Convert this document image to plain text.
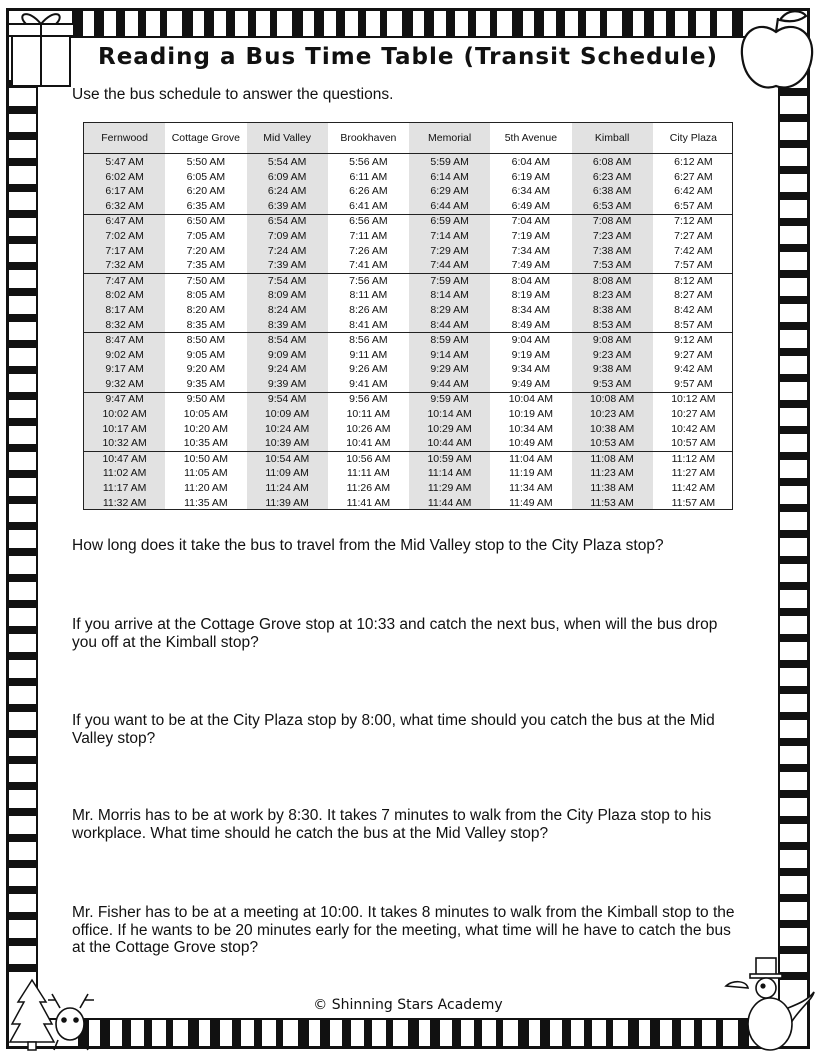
Reading a Bus Time Table (Transit Schedule)
Use the bus schedule to answer the questions.
Fernwood	Cottage Grove	Mid Valley	Brookhaven	Memorial	5th Avenue	Kimball	City Plaza
5:47 AM	5:50 AM	5:54 AM	5:56 AM	5:59 AM	6:04 AM	6:08 AM	6:12 AM
6:02 AM	6:05 AM	6:09 AM	6:11 AM	6:14 AM	6:19 AM	6:23 AM	6:27 AM
6:17 AM	6:20 AM	6:24 AM	6:26 AM	6:29 AM	6:34 AM	6:38 AM	6:42 AM
6:32 AM	6:35 AM	6:39 AM	6:41 AM	6:44 AM	6:49 AM	6:53 AM	6:57 AM
6:47 AM	6:50 AM	6:54 AM	6:56 AM	6:59 AM	7:04 AM	7:08 AM	7:12 AM
7:02 AM	7:05 AM	7:09 AM	7:11 AM	7:14 AM	7:19 AM	7:23 AM	7:27 AM
7:17 AM	7:20 AM	7:24 AM	7:26 AM	7:29 AM	7:34 AM	7:38 AM	7:42 AM
7:32 AM	7:35 AM	7:39 AM	7:41 AM	7:44 AM	7:49 AM	7:53 AM	7:57 AM
7:47 AM	7:50 AM	7:54 AM	7:56 AM	7:59 AM	8:04 AM	8:08 AM	8:12 AM
8:02 AM	8:05 AM	8:09 AM	8:11 AM	8:14 AM	8:19 AM	8:23 AM	8:27 AM
8:17 AM	8:20 AM	8:24 AM	8:26 AM	8:29 AM	8:34 AM	8:38 AM	8:42 AM
8:32 AM	8:35 AM	8:39 AM	8:41 AM	8:44 AM	8:49 AM	8:53 AM	8:57 AM
8:47 AM	8:50 AM	8:54 AM	8:56 AM	8:59 AM	9:04 AM	9:08 AM	9:12 AM
9:02 AM	9:05 AM	9:09 AM	9:11 AM	9:14 AM	9:19 AM	9:23 AM	9:27 AM
9:17 AM	9:20 AM	9:24 AM	9:26 AM	9:29 AM	9:34 AM	9:38 AM	9:42 AM
9:32 AM	9:35 AM	9:39 AM	9:41 AM	9:44 AM	9:49 AM	9:53 AM	9:57 AM
9:47 AM	9:50 AM	9:54 AM	9:56 AM	9:59 AM	10:04 AM	10:08 AM	10:12 AM
10:02 AM	10:05 AM	10:09 AM	10:11 AM	10:14 AM	10:19 AM	10:23 AM	10:27 AM
10:17 AM	10:20 AM	10:24 AM	10:26 AM	10:29 AM	10:34 AM	10:38 AM	10:42 AM
10:32 AM	10:35 AM	10:39 AM	10:41 AM	10:44 AM	10:49 AM	10:53 AM	10:57 AM
10:47 AM	10:50 AM	10:54 AM	10:56 AM	10:59 AM	11:04 AM	11:08 AM	11:12 AM
11:02 AM	11:05 AM	11:09 AM	11:11 AM	11:14 AM	11:19 AM	11:23 AM	11:27 AM
11:17 AM	11:20 AM	11:24 AM	11:26 AM	11:29 AM	11:34 AM	11:38 AM	11:42 AM
11:32 AM	11:35 AM	11:39 AM	11:41 AM	11:44 AM	11:49 AM	11:53 AM	11:57 AM
How long does it take the bus to travel from the Mid Valley stop to the City Plaza stop?
If you arrive at the Cottage Grove stop at 10:33 and catch the next bus, when will the bus drop you off at the Kimball stop?
If you want to be at the City Plaza stop by 8:00, what time should you catch the bus at the Mid Valley stop?
Mr. Morris has to be at work by 8:30. It takes 7 minutes to walk from the City Plaza stop to his workplace. What time should he catch the bus at the Mid Valley stop?
Mr. Fisher has to be at a meeting at 10:00. It takes 8 minutes to walk from the Kimball stop to the office. If he wants to be 20 minutes early for the meeting, what time will he have to catch the bus at the Cottage Grove stop?
© Shinning Stars Academy
